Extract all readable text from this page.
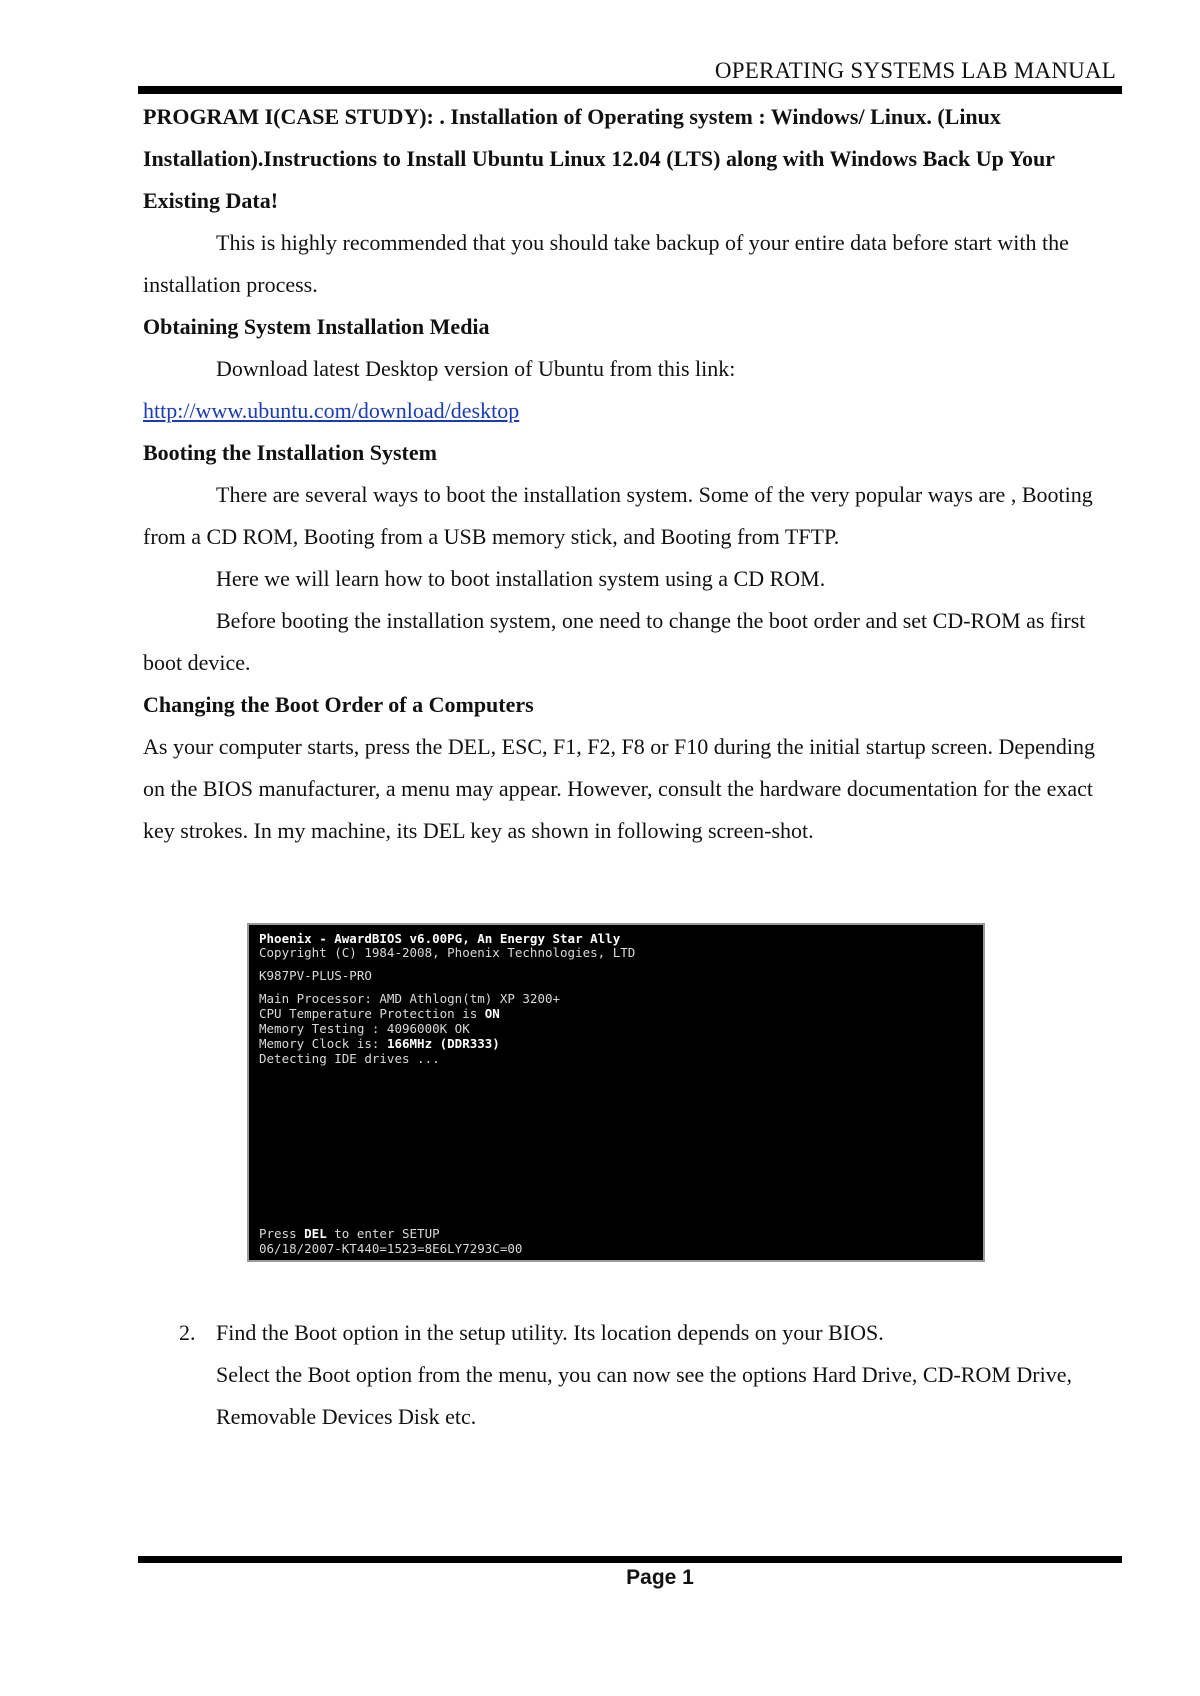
OPERATING SYSTEMS LAB MANUAL

PROGRAM I(CASE STUDY): . Installation of Operating system : Windows/ Linux. (Linux Installation).Instructions to Install Ubuntu Linux 12.04 (LTS) along with Windows Back Up Your Existing Data!

This is highly recommended that you should take backup of your entire data before start with the installation process.

Obtaining System Installation Media

Download latest Desktop version of Ubuntu from this link:

http://www.ubuntu.com/download/desktop

Booting the Installation System

There are several ways to boot the installation system. Some of the very popular ways are , Booting from a CD ROM, Booting from a USB memory stick, and Booting from TFTP.

Here we will learn how to boot installation system using a CD ROM.

Before booting the installation system, one need to change the boot order and set CD-ROM as first boot device.

Changing the Boot Order of a Computers

As your computer starts, press the DEL, ESC, F1, F2, F8 or F10 during the initial startup screen. Depending on the BIOS manufacturer, a menu may appear. However, consult the hardware documentation for the exact key strokes. In my machine, its DEL key as shown in following screen-shot.

Phoenix - AwardBIOS v6.00PG, An Energy Star Ally
Copyright (C) 1984-2008, Phoenix Technologies, LTD
K987PV-PLUS-PRO
Main Processor: AMD Athlogn(tm) XP 3200+
CPU Temperature Protection is ON
Memory Testing : 4096000K OK
Memory Clock is: 166MHz (DDR333)
Detecting IDE drives ...
Press DEL to enter SETUP
06/18/2007-KT440=1523=8E6LY7293C=00
2. Find the Boot option in the setup utility. Its location depends on your BIOS.
Select the Boot option from the menu, you can now see the options Hard Drive, CD-ROM Drive, Removable Devices Disk etc.
Page 1
